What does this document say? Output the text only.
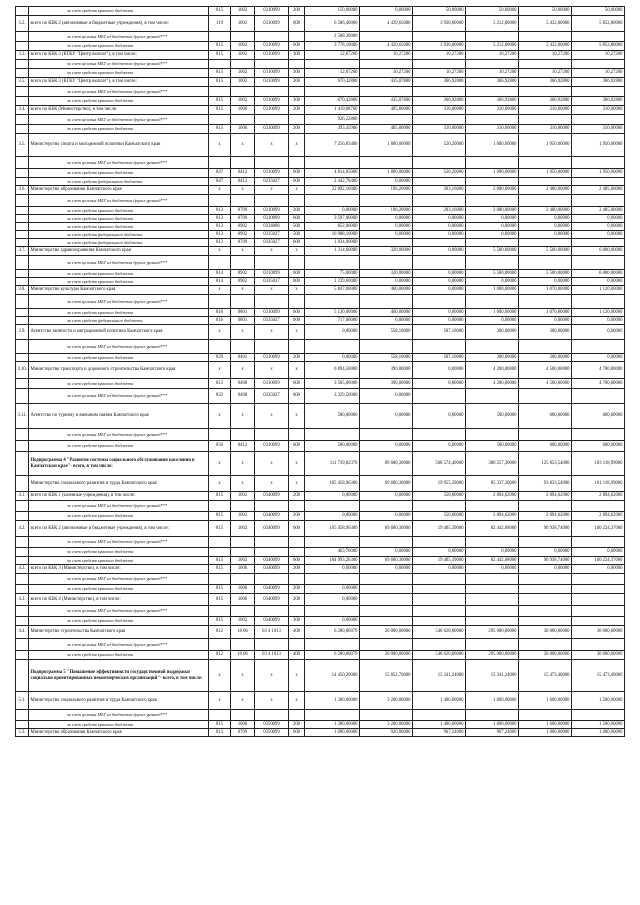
	за счет средств краевого бюджета	815	1002	0310099	200	150,00000	0,00000	50,00000	50,00000	50,00000	50,00000
3.2.	всего по КБК 2 (автономные и бюджетные учреждения), в том числе:	119	1002	0310099	600	6 586,40000	4 439,65000	3 930,00000	5 212,80000	5 432,80000	5 852,80000
	за счет целевых МБТ из бюджетов других уровней***					2 508,30000					
	за счет средств краевого бюджета	815	1002	0310099	600	3 778,10000	4 420,65000	3 930,00000	5 212,80000	5 432,80000	5 852,80000
3.3.	всего по КБК 3 (КГКУ "Центр выплат"), в том числе:	815	1002	0310099	300	12,67200	10,27200	10,27200	10,27200	10,27200	10,27200
	за счет целевых МБТ из бюджетов других уровней***										
	за счет средств краевого бюджета	815	1002	0310099	300	12,67200	10,27200	10,27200	10,27200	10,27200	10,27200
3.5.	всего по КБК 3 (КГКУ "Центр выплат"), в том числе:	815	1002	0310099	300	670,42800	435,07800	366,92800	366,92800	366,92800	366,92800
	за счет целевых МБТ из бюджетов других уровней***										
	за счет средств краевого бюджета	815	1002	0310099	300	670,42800	435,07800	366,92800	366,92800	366,92800	366,92800
3.4.	всего по КБК (Министерство), в том числе:	815	1006	0310099	200	1 419,68700	405,00000	310,00000	310,00000	310,00000	310,00000
	за счет целевых МБТ из бюджетов других уровней***					926,22800					
	за счет средств краевого бюджета	815	1006	0310099	200	493,45900	405,00000	310,00000	310,00000	310,00000	310,00000
3.5.	Министерство спорта и молодежной политики Камчатского края	x	x	x	x	7 256,83400	1 880,00000	520,20000	1 000,00000	1 950,00000	1 950,00000
	за счет целевых МБТ из бюджетов других уровней***										
	за счет средств краевого бюджета	847	0412	0310099	600	4 814,05000	1 880,00000	520,20000	1 000,00000	1 950,00000	1 950,00000
	за счет средств федерального бюджета	847	0412	0235027	600	2 442,78400	0,00000				
3.6.	Министерство образования Камчатского края	x	x	x	x	22 092,16000	196,20000	203,16000	2 080,00000	2 480,00000	2 485,00000
	за счет целевых МБТ из бюджетов других уровней***										
	за счет средств краевого бюджета	813	0709	0310099	200	0,00000	196,20000	203,16000	2 080,00000	2 480,00000	2 485,00000
	за счет средств краевого бюджета	813	0709	0310099	600	3 597,00000	0,00000	0,00000	0,00000	0,00000	0,00000
	за счет средств краевого бюджета	813	0902	0334006	500	852,06000	0,00000	0,00000	0,00000	0,00000	0,00000
	за счет средств федерального бюджета	813	0902	0335027	500	16 988,10000	0,00000	0,00000	0,00000	0,00000	0,00000
	за счет средств федерального бюджета	813	0709	0335027	600	1 034,00000					
3.7.	Министерство здравоохранения Камчатского края	x	x	x	x	1 314,60000	320,00000	0,00000	5 500,00000	5 500,00000	6 000,00000
	за счет целевых МБТ из бюджетов других уровней***										
	за счет средств краевого бюджета	814	0902	0310099	600	75,00000	320,00000	0,00000	5 500,00000	5 500,00000	6 000,00000
	за счет средств краевого бюджета	814	0902	0335027	600	1 239,60000	0,00000	0,00000	0,00000	0,00000	0,00000
3.8.	Министерство культуры Камчатского края	x	x	x	x	5 847,00000	460,00000	0,00000	1 000,00000	1 070,00000	1 120,00000
	за счет целевых МБТ из бюджетов других уровней***										
	за счет средств краевого бюджета	816	0801	0310099	600	5 130,00000	460,00000	0,00000	1 000,00000	1 070,00000	1 120,00000
	за счет средств федерального бюджета	816	0801	0335027	600	717,00000	0,00000	0,00000	0,00000	0,00000	0,00000
3.9.	Агентство занятости и миграционной политики Камчатского края	x	x	x	x	0,00000	558,10000	587,10000	300,00000	300,00000	0,00000
	за счет целевых МБТ из бюджетов других уровней***										
	за счет средств краевого бюджета	829	0401	0310099	200	0,00000	558,10000	587,10000	300,00000	300,00000	0,00000
3.10.	Министерство транспорта и дорожного строительства Камчатского края	x	x	x	x	6 894,50000	390,00000	0,00000	4 200,00000	4 500,00000	4 700,00000
	за счет средств краевого бюджета	813	0408	0310099	600	3 565,00000	390,00000	0,00000	4 200,00000	4 500,00000	4 700,00000
	за счет целевых МБТ из бюджетов других уровней***	833	0408	0335027	600	3 329,50000	0,00000				
3.11.	Агентство по туризму и внешним связям Камчатского края	x	x	x	x	500,00000	0,00000	0,00000	500,00000	600,00000	600,00000
	за счет целевых МБТ из бюджетов других уровней***										
	за счет средств краевого бюджета	850	0412	0310099	600	500,00000	0,00000	0,00000	500,00000	600,00000	600,00000
	Подпрограмма 4 "Развитие системы социального обслуживания населения в Камчатском крае"- всего, в том числе:	x	x	x	x	111 739,82370	89 680,30000	568 574,40000	380 257,30000	125 853,54000	103 118,99000
	Министерство социального развития и труда Камчатского края	x	x	x	x	105 458,96300	69 680,30000	19 955,39000	85 337,30000	93 833,54000	101 118,99000
4.1.	всего по КБК 1 (казенные учреждения), в том числе:	815	1002	0340099	200	0,00000	0,00000	550,00000	2 894,62000	2 894,62000	2 894,62000
	за счет целевых МБТ из бюджетов других уровней***										
	за счет средств краевого бюджета	815	1002	0340099	200	0,00000	0,00000	550,00000	2 894,62000	2 894,62000	2 894,62000
4.2.	всего по КБК 2 (автономные и бюджетные учреждения), в том числе:	815	1002	0340099	600	105 458,96300	69 680,30000	19 405,39000	82 442,68000	90 938,74000	100 224,37000
	за счет целевых МБТ из бюджетов других уровней***										
	за счет средств краевого бюджета					463,70000	0,00000	0,00000	0,00000	0,00000	0,00000
	за счет средств краевого бюджета	815	1002	0340099	600	104 993,26300	69 680,30000	19 405,39000	82 442,68000	90 938,74000	100 224,37000
4.3.	всего по КБК 3 (Министерство), в том числе:	815	1006	0340099	200	0,00000	0,00000	0,00000	0,00000	0,00000	0,00000
	за счет целевых МБТ из бюджетов других уровней***										
	за счет средств краевого бюджета	815	1006	0340099	200	0,00000					
4.3.	всего по КБК 4 (Министерство), в том числе:	815	1006	0340099	200	0,00000					
	за счет целевых МБТ из бюджетов других уровней***										
	за счет средств краевого бюджета	815	1002	0340099	300	0,00000					
4.4.	Министерство строительства Камчатского края	812	10 06	03 4 1013	400	6 280,86079	20 000,00000	548 620,00000	295 000,00000	30 000,00000	30 000,00000
	за счет целевых МБТ из бюджетов других уровней***										
	за счет средств краевого бюджета	812	10 06	03 4 1013	400	6 280,86079	20 000,00000	548 620,00000	295 000,00000	30 000,00000	30 000,00000
	Подпрограмма 5 "Повышение эффективности государственной поддержки социально ориентированных некоммерческих организаций"- всего, в том числе:	x	x	x	x	14 450,20000	15 852,70000	15 341,24000	15 341,24000	15 473,40000	15 473,40000
5.1.	Министерство социального развития и труда Камчатского края	x	x	x	x	1 300,00000	3 200,00000	1 400,00000	1 600,00000	1 600,00000	1 500,00000
	за счет целевых МБТ из бюджетов других уровней***										
	за счет средств краевого бюджета	815	1006	0350099	200	1 300,00000	3 200,00000	1 400,00000	1 600,00000	1 600,00000	1 500,00000
5.3.	Министерство образования Камчатского края	813	0709	0350099	600	1 000,00000	920,00000	967,24000	967,24000	1 000,00000	1 000,00000
